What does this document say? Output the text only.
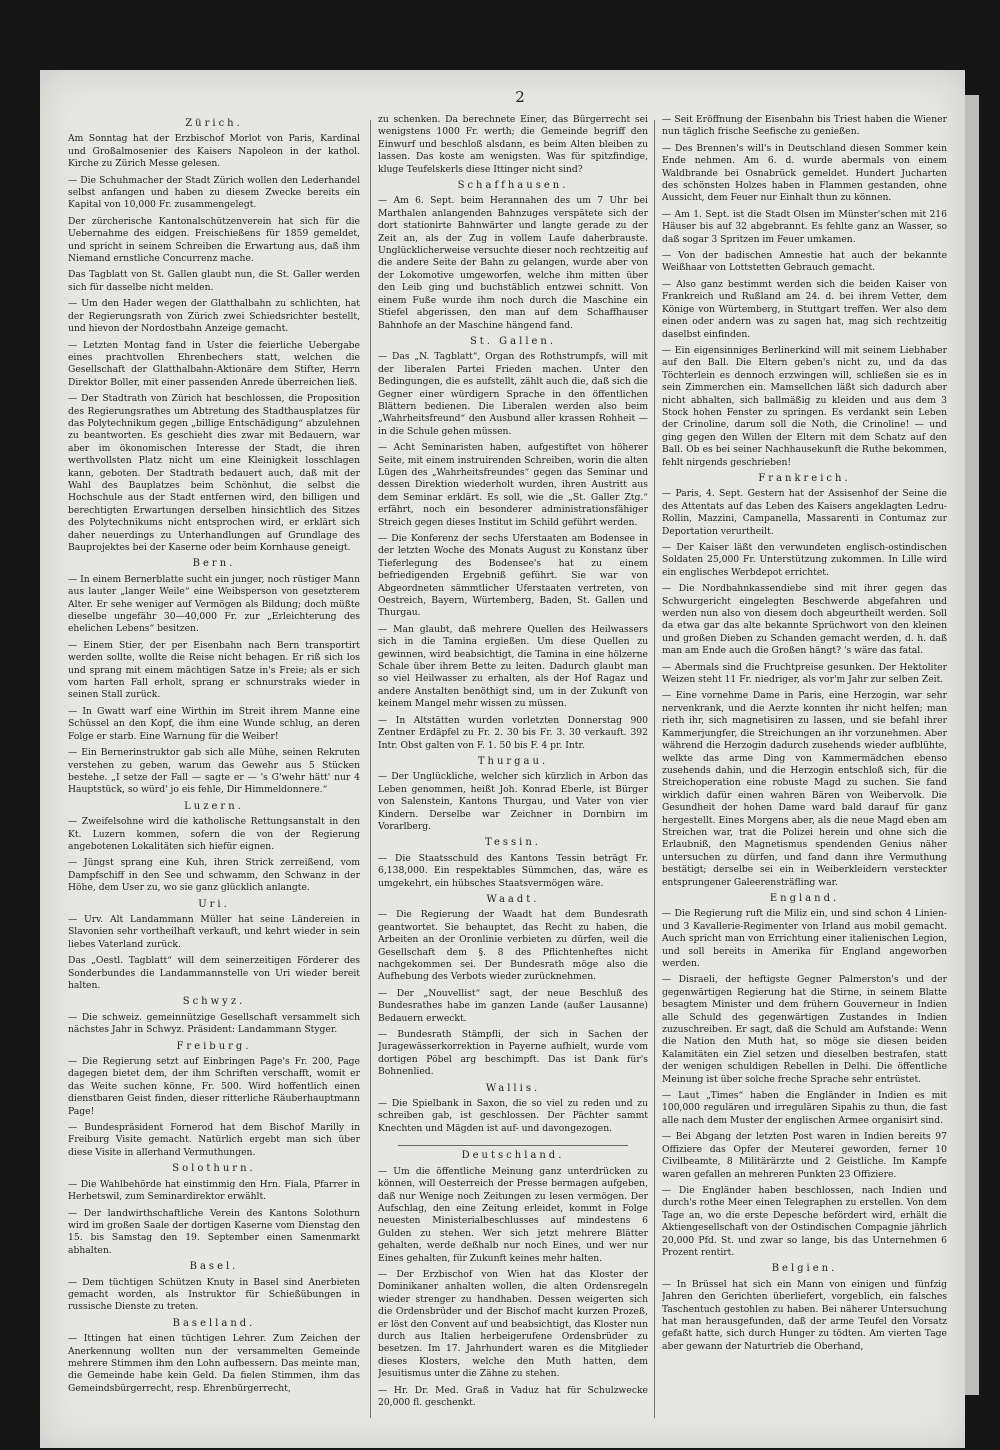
2
Zürich.

Am Sonntag hat der Erzbischof Morlot von Paris, Kardinal und Großalmosenier des Kaisers Napoleon in der kathol. Kirche zu Zürich Messe gelesen.

— Die Schuhmacher der Stadt Zürich wollen den Lederhandel selbst anfangen und haben zu diesem Zwecke bereits ein Kapital von 10,000 Fr. zusammengelegt.

Der zürcherische Kantonalschützenverein hat sich für die Uebernahme des eidgen. Freischießens für 1859 gemeldet, und spricht in seinem Schreiben die Erwartung aus, daß ihm Niemand ernstliche Concurrenz mache.

Das Tagblatt von St. Gallen glaubt nun, die St. Galler werden sich für dasselbe nicht melden.

— Um den Hader wegen der Glatthalbahn zu schlichten, hat der Regierungsrath von Zürich zwei Schiedsrichter bestellt, und hievon der Nordostbahn Anzeige gemacht.

— Letzten Montag fand in Uster die feierliche Uebergabe eines prachtvollen Ehrenbechers statt, welchen die Gesellschaft der Glatthalbahn-Aktionäre dem Stifter, Herrn Direktor Boller, mit einer passenden Anrede überreichen ließ.

— Der Stadtrath von Zürich hat beschlossen, die Proposition des Regierungsrathes um Abtretung des Stadthausplatzes für das Polytechnikum gegen „billige Entschädigung“ abzulehnen zu beantworten. Es geschieht dies zwar mit Bedauern, war aber im ökonomischen Interesse der Stadt, die ihren werthvollsten Platz nicht um eine Kleinigkeit losschlagen kann, geboten. Der Stadtrath bedauert auch, daß mit der Wahl des Bauplatzes beim Schönhut, die selbst die Hochschule aus der Stadt entfernen wird, den billigen und berechtigten Erwartungen derselben hinsichtlich des Sitzes des Polytechnikums nicht entsprochen wird, er erklärt sich daher neuerdings zu Unterhandlungen auf Grundlage des Bauprojektes bei der Kaserne oder beim Kornhause geneigt.

Bern.

— In einem Bernerblatte sucht ein junger, noch rüstiger Mann aus lauter „langer Weile“ eine Weibsperson von gesetzterem Alter. Er sehe weniger auf Vermögen als Bildung; doch müßte dieselbe ungefähr 30—40,000 Fr. zur „Erleichterung des ehelichen Lebens“ besitzen.

— Einem Stier, der per Eisenbahn nach Bern transportirt werden sollte, wollte die Reise nicht behagen. Er riß sich los und sprang mit einem mächtigen Satze in's Freie; als er sich vom harten Fall erholt, sprang er schnurstraks wieder in seinen Stall zurück.

— In Gwatt warf eine Wirthin im Streit ihrem Manne eine Schüssel an den Kopf, die ihm eine Wunde schlug, an deren Folge er starb. Eine Warnung für die Weiber!

— Ein Bernerinstruktor gab sich alle Mühe, seinen Rekruten verstehen zu geben, warum das Gewehr aus 5 Stücken bestehe. „I setze der Fall — sagte er — 's G'wehr hätt' nur 4 Hauptstück, so würd' jo eis fehle, Dir Himmeldonnere.“

Luzern.

— Zweifelsohne wird die katholische Rettungsanstalt in den Kt. Luzern kommen, sofern die von der Regierung angebotenen Lokalitäten sich hiefür eignen.

— Jüngst sprang eine Kuh, ihren Strick zerreißend, vom Dampfschiff in den See und schwamm, den Schwanz in der Höhe, dem User zu, wo sie ganz glücklich anlangte.

Uri.

— Urv. Alt Landammann Müller hat seine Ländereien in Slavonien sehr vortheilhaft verkauft, und kehrt wieder in sein liebes Vaterland zurück.

Das „Oestl. Tagblatt“ will dem seinerzeitigen Förderer des Sonderbundes die Landammannstelle von Uri wieder bereit halten.

Schwyz.

— Die schweiz. gemeinnützige Gesellschaft versammelt sich nächstes Jahr in Schwyz. Präsident: Landammann Styger.

Freiburg.

— Die Regierung setzt auf Einbringen Page's Fr. 200, Page dagegen bietet dem, der ihm Schriften verschafft, womit er das Weite suchen könne, Fr. 500. Wird hoffentlich einen dienstbaren Geist finden, dieser ritterliche Räuberhauptmann Page!

— Bundespräsident Fornerod hat dem Bischof Marilly in Freiburg Visite gemacht. Natürlich ergebt man sich über diese Visite in allerhand Vermuthungen.

Solothurn.

— Die Wahlbehörde hat einstimmig den Hrn. Fiala, Pfarrer in Herbetswil, zum Seminardirektor erwählt.

— Der landwirthschaftliche Verein des Kantons Solothurn wird im großen Saale der dortigen Kaserne vom Dienstag den 15. bis Samstag den 19. September einen Samenmarkt abhalten.

Basel.

— Dem tüchtigen Schützen Knuty in Basel sind Anerbieten gemacht worden, als Instruktor für Schießübungen in russische Dienste zu treten.

Baselland.

— Ittingen hat einen tüchtigen Lehrer. Zum Zeichen der Anerkennung wollten nun der versammelten Gemeinde mehrere Stimmen ihm den Lohn aufbessern. Das meinte man, die Gemeinde habe kein Geld. Da fielen Stimmen, ihm das Gemeindsbürgerrecht, resp. Ehrenbürgerrecht,

zu schenken. Da berechnete Einer, das Bürgerrecht sei wenigstens 1000 Fr. werth; die Gemeinde begriff den Einwurf und beschloß alsdann, es beim Alten bleiben zu lassen. Das koste am wenigsten. Was für spitzfindige, kluge Teufelskerls diese Ittinger nicht sind?

Schaffhausen.

— Am 6. Sept. beim Herannahen des um 7 Uhr bei Marthalen anlangenden Bahnzuges verspätete sich der dort stationirte Bahnwärter und langte gerade zu der Zeit an, als der Zug in vollem Laufe daherbrauste. Unglücklicherweise versuchte dieser noch rechtzeitig auf die andere Seite der Bahn zu gelangen, wurde aber von der Lokomotive umgeworfen, welche ihm mitten über den Leib ging und buchstäblich entzwei schnitt. Von einem Fuße wurde ihm noch durch die Maschine ein Stiefel abgerissen, den man auf dem Schaffhauser Bahnhofe an der Maschine hängend fand.

St. Gallen.

— Das „N. Tagblatt“, Organ des Rothstrumpfs, will mit der liberalen Partei Frieden machen. Unter den Bedingungen, die es aufstellt, zählt auch die, daß sich die Gegner einer würdigern Sprache in den öffentlichen Blättern bedienen. Die Liberalen werden also beim „Wahrheitsfreund“ den Ausbund aller krassen Rohheit — in die Schule gehen müssen.

— Acht Seminaristen haben, aufgestiftet von höherer Seite, mit einem instruirenden Schreiben, worin die alten Lügen des „Wahrheitsfreundes“ gegen das Seminar und dessen Direktion wiederholt wurden, ihren Austritt aus dem Seminar erklärt. Es soll, wie die „St. Galler Ztg.“ erfährt, noch ein besonderer administrationsfähiger Streich gegen dieses Institut im Schild geführt werden.

— Die Konferenz der sechs Uferstaaten am Bodensee in der letzten Woche des Monats August zu Konstanz über Tieferlegung des Bodensee's hat zu einem befriedigenden Ergebniß geführt. Sie war von Abgeordneten sämmtlicher Uferstaaten vertreten, von Oestreich, Bayern, Würtemberg, Baden, St. Gallen und Thurgau.

— Man glaubt, daß mehrere Quellen des Heilwassers sich in die Tamina ergießen. Um diese Quellen zu gewinnen, wird beabsichtigt, die Tamina in eine hölzerne Schale über ihrem Bette zu leiten. Dadurch glaubt man so viel Heilwasser zu erhalten, als der Hof Ragaz und andere Anstalten benöthigt sind, um in der Zukunft von keinem Mangel mehr wissen zu müssen.

— In Altstätten wurden vorletzten Donnerstag 900 Zentner Erdäpfel zu Fr. 2. 30 bis Fr. 3. 30 verkauft. 392 Intr. Obst galten von F. 1. 50 bis F. 4 pr. Intr.

Thurgau.

— Der Unglückliche, welcher sich kürzlich in Arbon das Leben genommen, heißt Joh. Konrad Eberle, ist Bürger von Salenstein, Kantons Thurgau, und Vater von vier Kindern. Derselbe war Zeichner in Dornbirn im Vorarlberg.

Tessin.

— Die Staatsschuld des Kantons Tessin beträgt Fr. 6,138,000. Ein respektables Sümmchen, das, wäre es umgekehrt, ein hübsches Staatsvermögen wäre.

Waadt.

— Die Regierung der Waadt hat dem Bundesrath geantwortet. Sie behauptet, das Recht zu haben, die Arbeiten an der Oronlinie verbieten zu dürfen, weil die Gesellschaft dem §. 8 des Pflichtenheftes nicht nachgekommen sei. Der Bundesrath möge also die Aufhebung des Verbots wieder zurücknehmen.

— Der „Nouvellist“ sagt, der neue Beschluß des Bundesrathes habe im ganzen Lande (außer Lausanne) Bedauern erweckt.

— Bundesrath Stämpfli, der sich in Sachen der Juragewässerkorrektion in Payerne aufhielt, wurde vom dortigen Pöbel arg beschimpft. Das ist Dank für's Bohnenlied.

Wallis.

— Die Spielbank in Saxon, die so viel zu reden und zu schreiben gab, ist geschlossen. Der Pächter sammt Knechten und Mägden ist auf- und davongezogen.

Deutschland.

— Um die öffentliche Meinung ganz unterdrücken zu können, will Oesterreich der Presse bermagen aufgeben, daß nur Wenige noch Zeitungen zu lesen vermögen. Der Aufschlag, den eine Zeitung erleidet, kommt in Folge neuesten Ministerialbeschlusses auf mindestens 6 Gulden zu stehen. Wer sich jetzt mehrere Blätter gehalten, werde deßhalb nur noch Eines, und wer nur Eines gehalten, für Zukunft keines mehr halten.

— Der Erzbischof von Wien hat das Kloster der Dominikaner anhalten wollen, die alten Ordensregeln wieder strenger zu handhaben. Dessen weigerten sich die Ordensbrüder und der Bischof macht kurzen Prozeß, er löst den Convent auf und beabsichtigt, das Kloster nun durch aus Italien herbeigerufene Ordensbrüder zu besetzen. Im 17. Jahrhundert waren es die Mitglieder dieses Klosters, welche den Muth hatten, dem Jesuitismus unter die Zähne zu stehen.

— Hr. Dr. Med. Graß in Vaduz hat für Schulzwecke 20,000 fl. geschenkt.

— Seit Eröffnung der Eisenbahn bis Triest haben die Wiener nun täglich frische Seefische zu genießen.

— Des Brennen's will's in Deutschland diesen Sommer kein Ende nehmen. Am 6. d. wurde abermals von einem Waldbrande bei Osnabrück gemeldet. Hundert Jucharten des schönsten Holzes haben in Flammen gestanden, ohne Aussicht, dem Feuer nur Einhalt thun zu können.

— Am 1. Sept. ist die Stadt Olsen im Münster'schen mit 216 Häuser bis auf 32 abgebrannt. Es fehlte ganz an Wasser, so daß sogar 3 Spritzen im Feuer umkamen.

— Von der badischen Amnestie hat auch der bekannte Weißhaar von Lottstetten Gebrauch gemacht.

— Also ganz bestimmt werden sich die beiden Kaiser von Frankreich und Rußland am 24. d. bei ihrem Vetter, dem Könige von Würtemberg, in Stuttgart treffen. Wer also dem einen oder andern was zu sagen hat, mag sich rechtzeitig daselbst einfinden.

— Ein eigensinniges Berlinerkind will mit seinem Liebhaber auf den Ball. Die Eltern geben's nicht zu, und da das Töchterlein es dennoch erzwingen will, schließen sie es in sein Zimmerchen ein. Mamsellchen läßt sich dadurch aber nicht abhalten, sich ballmäßig zu kleiden und aus dem 3 Stock hohen Fenster zu springen. Es verdankt sein Leben der Crinoline, darum soll die Noth, die Crinoline! — und ging gegen den Willen der Eltern mit dem Schatz auf den Ball. Ob es bei seiner Nachhausekunft die Ruthe bekommen, fehlt nirgends geschrieben!

Frankreich.

— Paris, 4. Sept. Gestern hat der Assisenhof der Seine die des Attentats auf das Leben des Kaisers angeklagten Ledru-Rollin, Mazzini, Campanella, Massarenti in Contumaz zur Deportation verurtheilt.

— Der Kaiser läßt den verwundeten englisch-ostindischen Soldaten 25,000 Fr. Unterstützung zukommen. In Lille wird ein englisches Werbdepot errichtet.

— Die Nordbahnkassendiebe sind mit ihrer gegen das Schwurgericht eingelegten Beschwerde abgefahren und werden nun also von diesem doch abgeurtheilt werden. Soll da etwa gar das alte bekannte Sprüchwort von den kleinen und großen Dieben zu Schanden gemacht werden, d. h. daß man am Ende auch die Großen hängt? 's wäre das fatal.

— Abermals sind die Fruchtpreise gesunken. Der Hektoliter Weizen steht 11 Fr. niedriger, als vor'm Jahr zur selben Zeit.

— Eine vornehme Dame in Paris, eine Herzogin, war sehr nervenkrank, und die Aerzte konnten ihr nicht helfen; man rieth ihr, sich magnetisiren zu lassen, und sie befahl ihrer Kammerjungfer, die Streichungen an ihr vorzunehmen. Aber während die Herzogin dadurch zusehends wieder aufblühte, welkte das arme Ding von Kammermädchen ebenso zusehends dahin, und die Herzogin entschloß sich, für die Streichoperation eine robuste Magd zu suchen. Sie fand wirklich dafür einen wahren Bären von Weibervolk. Die Gesundheit der hohen Dame ward bald darauf für ganz hergestellt. Eines Morgens aber, als die neue Magd eben am Streichen war, trat die Polizei herein und ohne sich die Erlaubniß, den Magnetismus spendenden Genius näher untersuchen zu dürfen, und fand dann ihre Vermuthung bestätigt; derselbe sei ein in Weiberkleidern versteckter entsprungener Galeerensträfling war.

England.

— Die Regierung ruft die Miliz ein, und sind schon 4 Linien- und 3 Kavallerie-Regimenter von Irland aus mobil gemacht. Auch spricht man von Errichtung einer italienischen Legion, und soll bereits in Amerika für England angeworben werden.

— Disraeli, der heftigste Gegner Palmerston's und der gegenwärtigen Regierung hat die Stirne, in seinem Blatte besagtem Minister und dem frühern Gouverneur in Indien alle Schuld des gegenwärtigen Zustandes in Indien zuzuschreiben. Er sagt, daß die Schuld am Aufstande: Wenn die Nation den Muth hat, so möge sie diesen beiden Kalamitäten ein Ziel setzen und dieselben bestrafen, statt der wenigen schuldigen Rebellen in Delhi. Die öffentliche Meinung ist über solche freche Sprache sehr entrüstet.

— Laut „Times“ haben die Engländer in Indien es mit 100,000 regulären und irregulären Sipahis zu thun, die fast alle nach dem Muster der englischen Armee organisirt sind.

— Bei Abgang der letzten Post waren in Indien bereits 97 Offiziere das Opfer der Meuterei geworden, ferner 10 Civilbeamte, 8 Militärärzte und 2 Geistliche. Im Kampfe waren gefallen an mehreren Punkten 23 Offiziere.

— Die Engländer haben beschlossen, nach Indien und durch's rothe Meer einen Telegraphen zu erstellen. Von dem Tage an, wo die erste Depesche befördert wird, erhält die Aktiengesellschaft von der Ostindischen Compagnie jährlich 20,000 Pfd. St. und zwar so lange, bis das Unternehmen 6 Prozent rentirt.

Belgien.

— In Brüssel hat sich ein Mann von einigen und fünfzig Jahren den Gerichten überliefert, vorgeblich, ein falsches Taschentuch gestohlen zu haben. Bei näherer Untersuchung hat man herausgefunden, daß der arme Teufel den Vorsatz gefaßt hatte, sich durch Hunger zu tödten. Am vierten Tage aber gewann der Naturtrieb die Oberhand,
